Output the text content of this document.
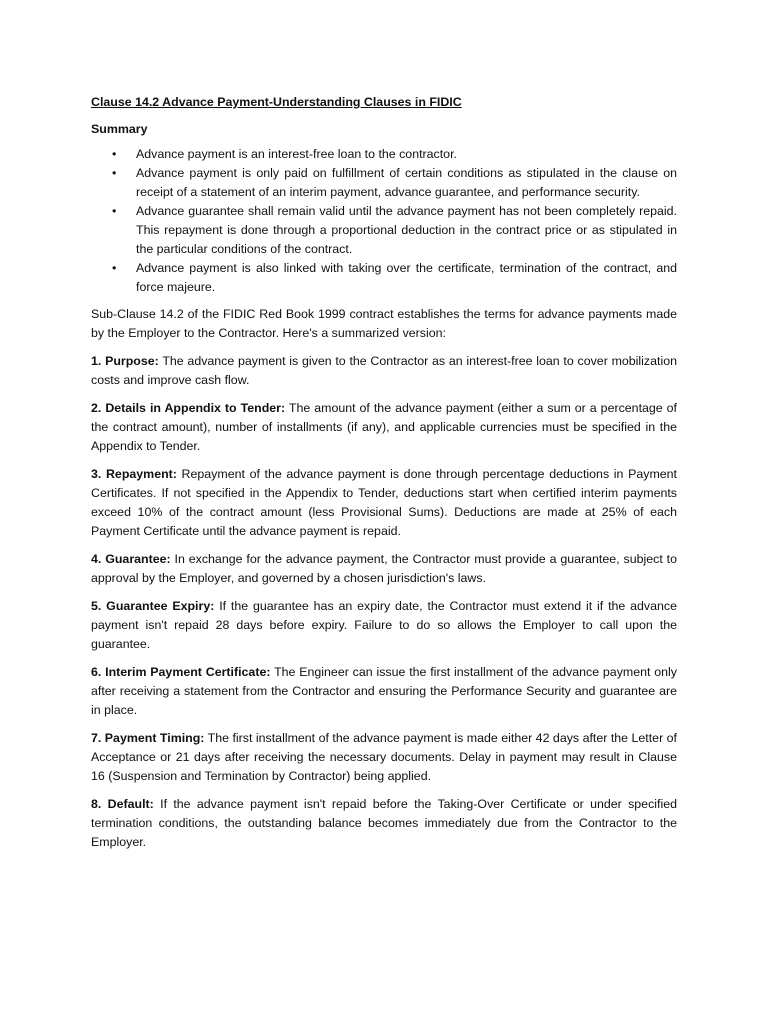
Clause 14.2 Advance Payment-Understanding Clauses in FIDIC
Summary
• Advance payment is an interest-free loan to the contractor.
• Advance payment is only paid on fulfillment of certain conditions as stipulated in the clause on receipt of a statement of an interim payment, advance guarantee, and performance security.
• Advance guarantee shall remain valid until the advance payment has not been completely repaid. This repayment is done through a proportional deduction in the contract price or as stipulated in the particular conditions of the contract.
• Advance payment is also linked with taking over the certificate, termination of the contract, and force majeure.

Sub-Clause 14.2 of the FIDIC Red Book 1999 contract establishes the terms for advance payments made by the Employer to the Contractor. Here's a summarized version:

1. Purpose: The advance payment is given to the Contractor as an interest-free loan to cover mobilization costs and improve cash flow.

2. Details in Appendix to Tender: The amount of the advance payment (either a sum or a percentage of the contract amount), number of installments (if any), and applicable currencies must be specified in the Appendix to Tender.

3. Repayment: Repayment of the advance payment is done through percentage deductions in Payment Certificates. If not specified in the Appendix to Tender, deductions start when certified interim payments exceed 10% of the contract amount (less Provisional Sums). Deductions are made at 25% of each Payment Certificate until the advance payment is repaid.

4. Guarantee: In exchange for the advance payment, the Contractor must provide a guarantee, subject to approval by the Employer, and governed by a chosen jurisdiction's laws.

5. Guarantee Expiry: If the guarantee has an expiry date, the Contractor must extend it if the advance payment isn't repaid 28 days before expiry. Failure to do so allows the Employer to call upon the guarantee.

6. Interim Payment Certificate: The Engineer can issue the first installment of the advance payment only after receiving a statement from the Contractor and ensuring the Performance Security and guarantee are in place.

7. Payment Timing: The first installment of the advance payment is made either 42 days after the Letter of Acceptance or 21 days after receiving the necessary documents. Delay in payment may result in Clause 16 (Suspension and Termination by Contractor) being applied.

8. Default: If the advance payment isn't repaid before the Taking-Over Certificate or under specified termination conditions, the outstanding balance becomes immediately due from the Contractor to the Employer.
